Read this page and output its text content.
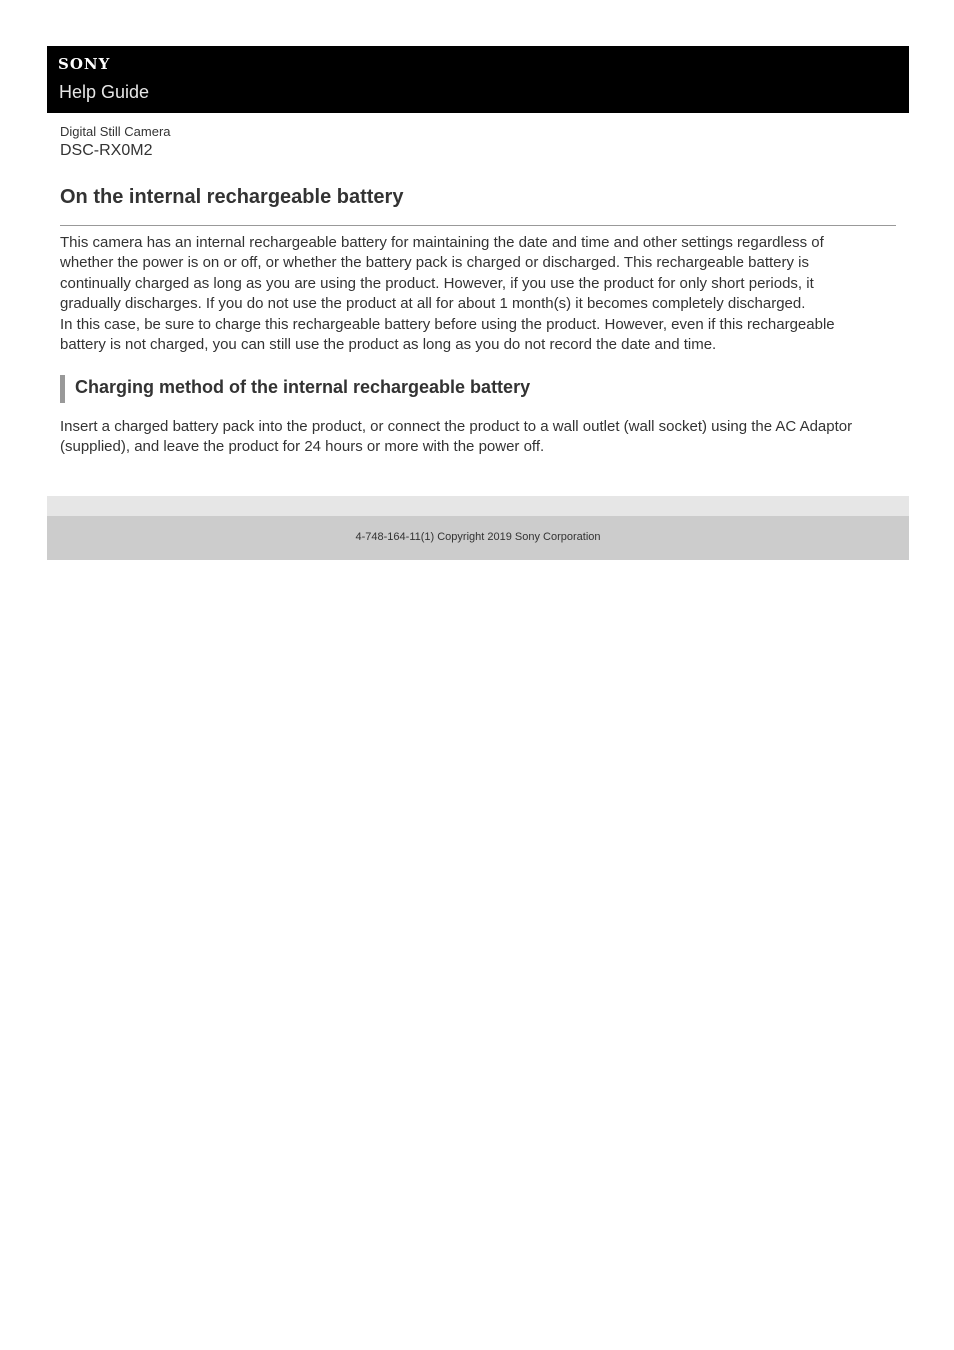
SONY
Help Guide
Digital Still Camera
DSC-RX0M2
On the internal rechargeable battery

This camera has an internal rechargeable battery for maintaining the date and time and other settings regardless of
whether the power is on or off, or whether the battery pack is charged or discharged. This rechargeable battery is
continually charged as long as you are using the product. However, if you use the product for only short periods, it
gradually discharges. If you do not use the product at all for about 1 month(s) it becomes completely discharged.
In this case, be sure to charge this rechargeable battery before using the product. However, even if this rechargeable
battery is not charged, you can still use the product as long as you do not record the date and time.

Charging method of the internal rechargeable battery

Insert a charged battery pack into the product, or connect the product to a wall outlet (wall socket) using the AC Adaptor
(supplied), and leave the product for 24 hours or more with the power off.

4-748-164-11(1) Copyright 2019 Sony Corporation
